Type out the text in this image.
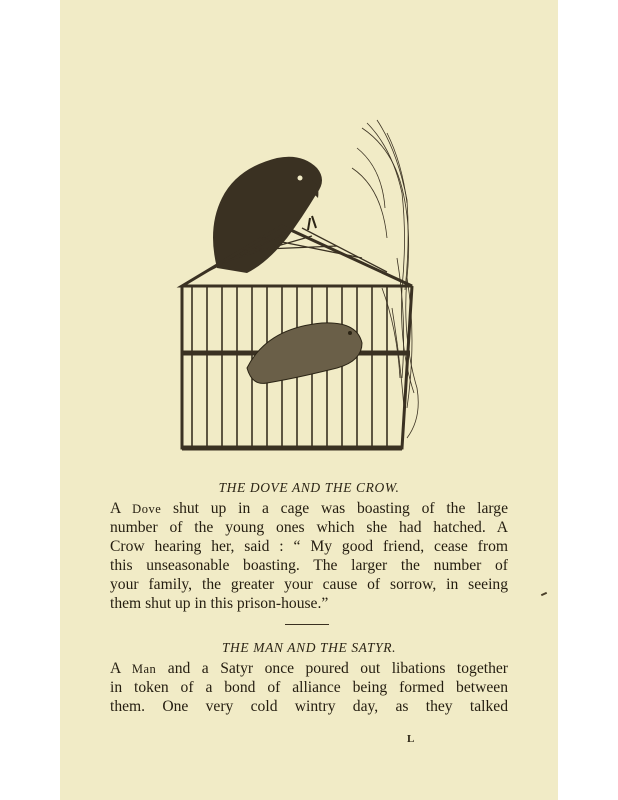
THE DOVE AND THE CROW.
A Dove shut up in a cage was boasting of the large
number of the young ones which she had hatched. A
Crow hearing her, said : “ My good friend, cease from
this unseasonable boasting. The larger the number of
your family, the greater your cause of sorrow, in seeing
them shut up in this prison-house.”
THE MAN AND THE SATYR.
A Man and a Satyr once poured out libations together
in token of a bond of alliance being formed between
them. One very cold wintry day, as they talked
L
